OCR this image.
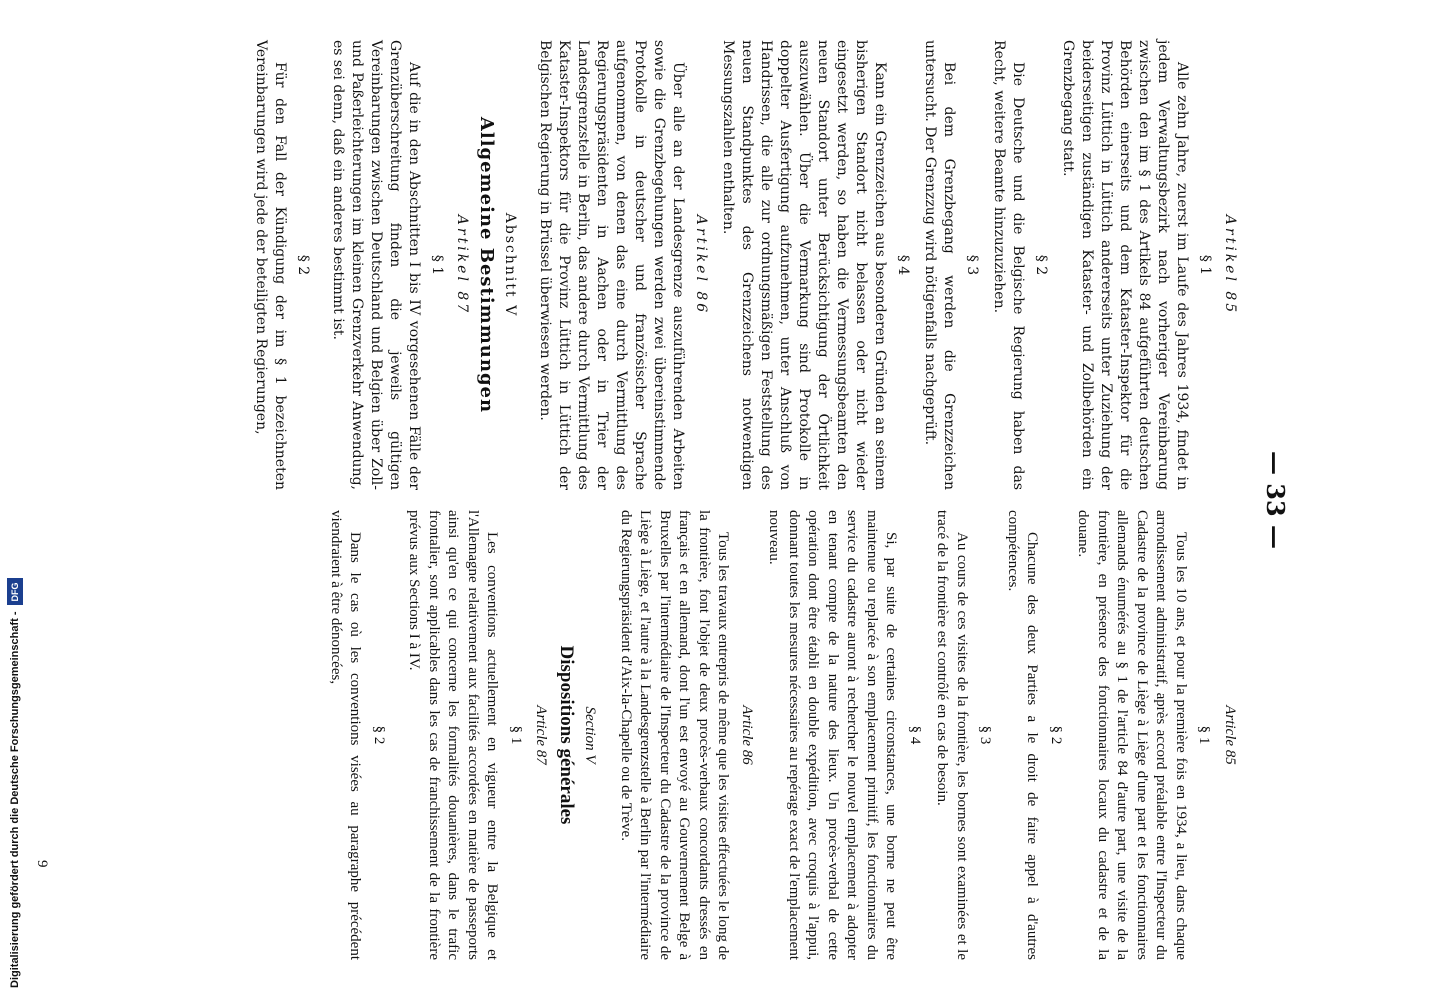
— 33 —
Artikel 85
§ 1

Alle zehn Jahre, zuerst im Laufe des Jahres 1934, findet in jedem Verwaltungsbezirk nach vorheriger Vereinbarung zwischen den im § 1 des Artikels 84 aufgeführten deutschen Behörden einerseits und dem Kataster-Inspektor für die Provinz Lüttich in Lüttich andererseits unter Zuziehung der beiderseitigen zuständigen Kataster- und Zollbehörden ein Grenzbegang statt.

§ 2

Die Deutsche und die Belgische Regierung haben das Recht, weitere Beamte hinzuzuziehen.

§ 3

Bei dem Grenzbegang werden die Grenzzeichen untersucht. Der Grenzzug wird nötigenfalls nachgeprüft.

§ 4

Kann ein Grenzzeichen aus besonderen Gründen an seinem bisherigen Standort nicht belassen oder nicht wieder eingesetzt werden, so haben die Vermessungsbeamten den neuen Standort unter Berücksichtigung der Örtlichkeit auszuwählen. Über die Vermarkung sind Protokolle in doppelter Ausfertigung aufzunehmen, unter Anschluß von Handrissen, die alle zur ordnungsmäßigen Feststellung des neuen Standpunktes des Grenzzeichens notwendigen Messungszahlen enthalten.

Artikel 86

Über alle an der Landesgrenze auszuführenden Arbeiten sowie die Grenzbegehungen werden zwei übereinstimmende Protokolle in deutscher und französischer Sprache aufgenommen, von denen das eine durch Vermittlung des Regierungspräsidenten in Aachen oder in Trier der Landesgrenzstelle in Berlin, das andere durch Vermittlung des Kataster-Inspektors für die Provinz Lüttich in Lüttich der Belgischen Regierung in Brüssel überwiesen werden.

Abschnitt V
Allgemeine Bestimmungen
Artikel 87
§ 1

Auf die in den Abschnitten I bis IV vorgesehenen Fälle der Grenzüberschreitung finden die jeweils gültigen Vereinbarungen zwischen Deutschland und Belgien über Zoll- und Paßerleichterungen im kleinen Grenzverkehr Anwendung, es sei denn, daß ein anderes bestimmt ist.

§ 2

Für den Fall der Kündigung der im § 1 bezeichneten Vereinbarungen wird jede der beteiligten Regierungen,

Article 85
§ 1

Tous les 10 ans, et pour la première fois en 1934, a lieu, dans chaque arrondissement administratif, après accord préalable entre l'Inspecteur du Cadastre de la province de Liège à Liège d'une part et les fonctionnaires allemands énumérés au § 1 de l'article 84 d'autre part, une visite de la frontière, en présence des fonctionnaires locaux du cadastre et de la douane.

§ 2

Chacune des deux Parties a le droit de faire appel à d'autres compétences.

§ 3

Au cours de ces visites de la frontière, les bornes sont examinées et le tracé de la frontière est contrôlé en cas de besoin.

§ 4

Si, par suite de certaines circonstances, une borne ne peut être maintenue ou replacée à son emplacement primitif, les fonctionnaires du service du cadastre auront à rechercher le nouvel emplacement à adopter en tenant compte de la nature des lieux. Un procès-verbal de cette opération dont être établi en double expédition, avec croquis à l'appui, donnant toutes les mesures nécessaires au repérage exact de l'emplacement nouveau.

Article 86

Tous les travaux entrepris de même que les visites effectuées le long de la frontière, font l'objet de deux procès-verbaux concordants dressés en français et en allemand, dont l'un est envoyé au Gouvernement Belge à Bruxelles par l'intermédiaire de l'Inspecteur du Cadastre de la province de Liège à Liège, et l'autre à la Landesgrenzstelle à Berlin par l'intermédiaire du Regierungspräsident d'Aix-la-Chapelle ou de Trève.

Section V
Dispositions générales
Article 87
§ 1

Les conventions actuellement en vigueur entre la Belgique et l'Allemagne relativement aux facilités accordées en matière de passeports ainsi qu'en ce qui concerne les formalités douanières, dans le trafic frontalier, sont applicables dans les cas de franchissement de la frontière prévus aux Sections I à IV.

§ 2

Dans le cas où les conventions visées au paragraphe précédent viendraient à être dénoncées,

9
Digitalisierung gefördert durch die Deutsche Forschungsgemeinschaft -
DFG
